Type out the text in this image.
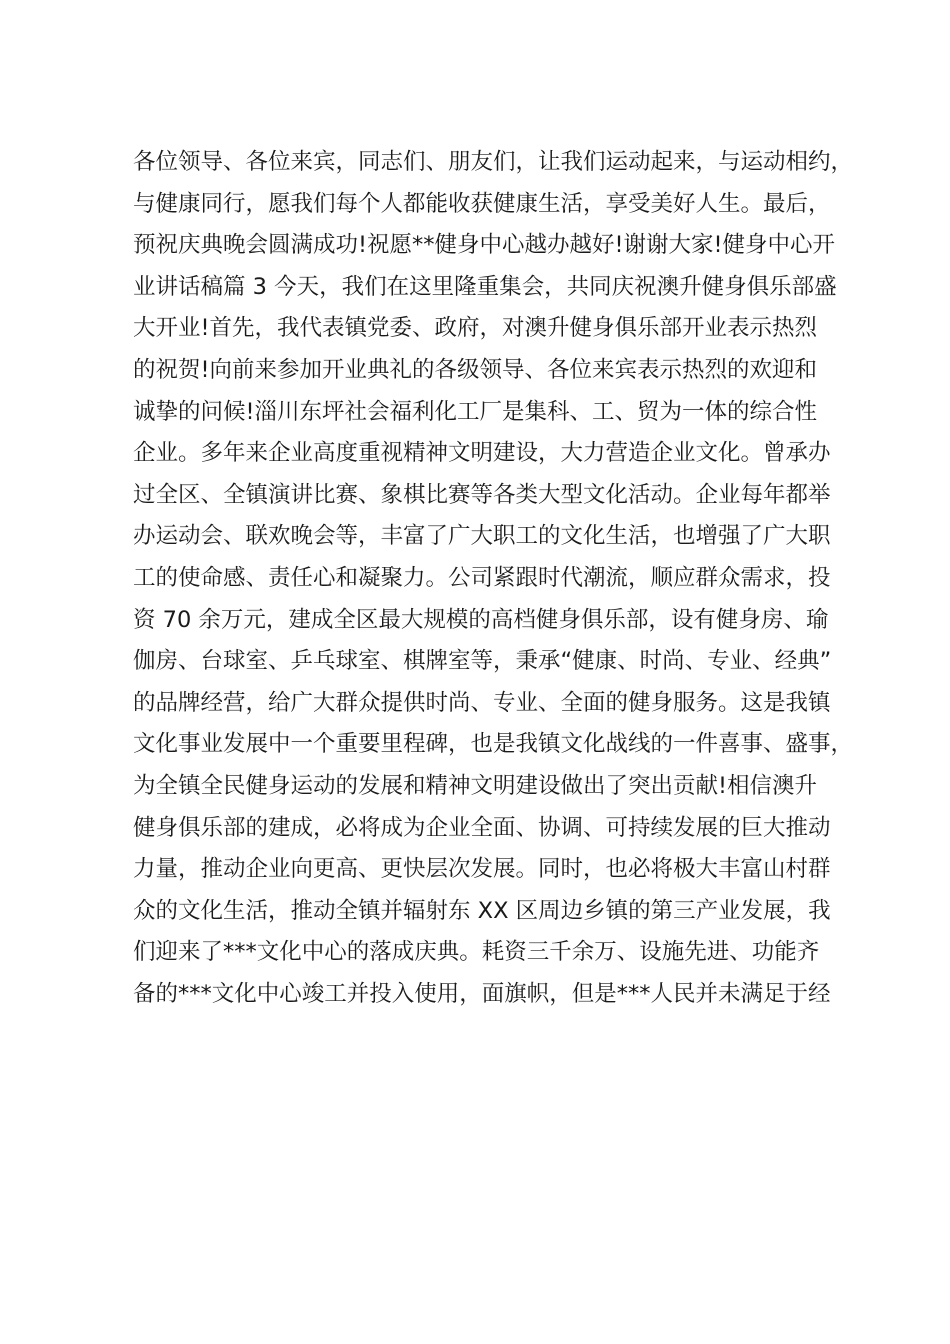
各位领导、各位来宾，同志们、朋友们，让我们运动起来，与运动相约，
与健康同行，愿我们每个人都能收获健康生活，享受美好人生。最后，
预祝庆典晚会圆满成功!祝愿**健身中心越办越好!谢谢大家!健身中心开
业讲话稿篇 3 今天，我们在这里隆重集会，共同庆祝澳升健身俱乐部盛
大开业!首先，我代表镇党委、政府，对澳升健身俱乐部开业表示热烈
的祝贺!向前来参加开业典礼的各级领导、各位来宾表示热烈的欢迎和
诚挚的问候!淄川东坪社会福利化工厂是集科、工、贸为一体的综合性
企业。多年来企业高度重视精神文明建设，大力营造企业文化。曾承办
过全区、全镇演讲比赛、象棋比赛等各类大型文化活动。企业每年都举
办运动会、联欢晚会等，丰富了广大职工的文化生活，也增强了广大职
工的使命感、责任心和凝聚力。公司紧跟时代潮流，顺应群众需求，投
资 70 余万元，建成全区最大规模的高档健身俱乐部，设有健身房、瑜
伽房、台球室、乒乓球室、棋牌室等，秉承“健康、时尚、专业、经典”
的品牌经营，给广大群众提供时尚、专业、全面的健身服务。这是我镇
文化事业发展中一个重要里程碑，也是我镇文化战线的一件喜事、盛事，
为全镇全民健身运动的发展和精神文明建设做出了突出贡献!相信澳升
健身俱乐部的建成，必将成为企业全面、协调、可持续发展的巨大推动
力量，推动企业向更高、更快层次发展。同时，也必将极大丰富山村群
众的文化生活，推动全镇并辐射东 XX 区周边乡镇的第三产业发展，我
们迎来了***文化中心的落成庆典。耗资三千余万、设施先进、功能齐
备的***文化中心竣工并投入使用，面旗帜，但是***人民并未满足于经
